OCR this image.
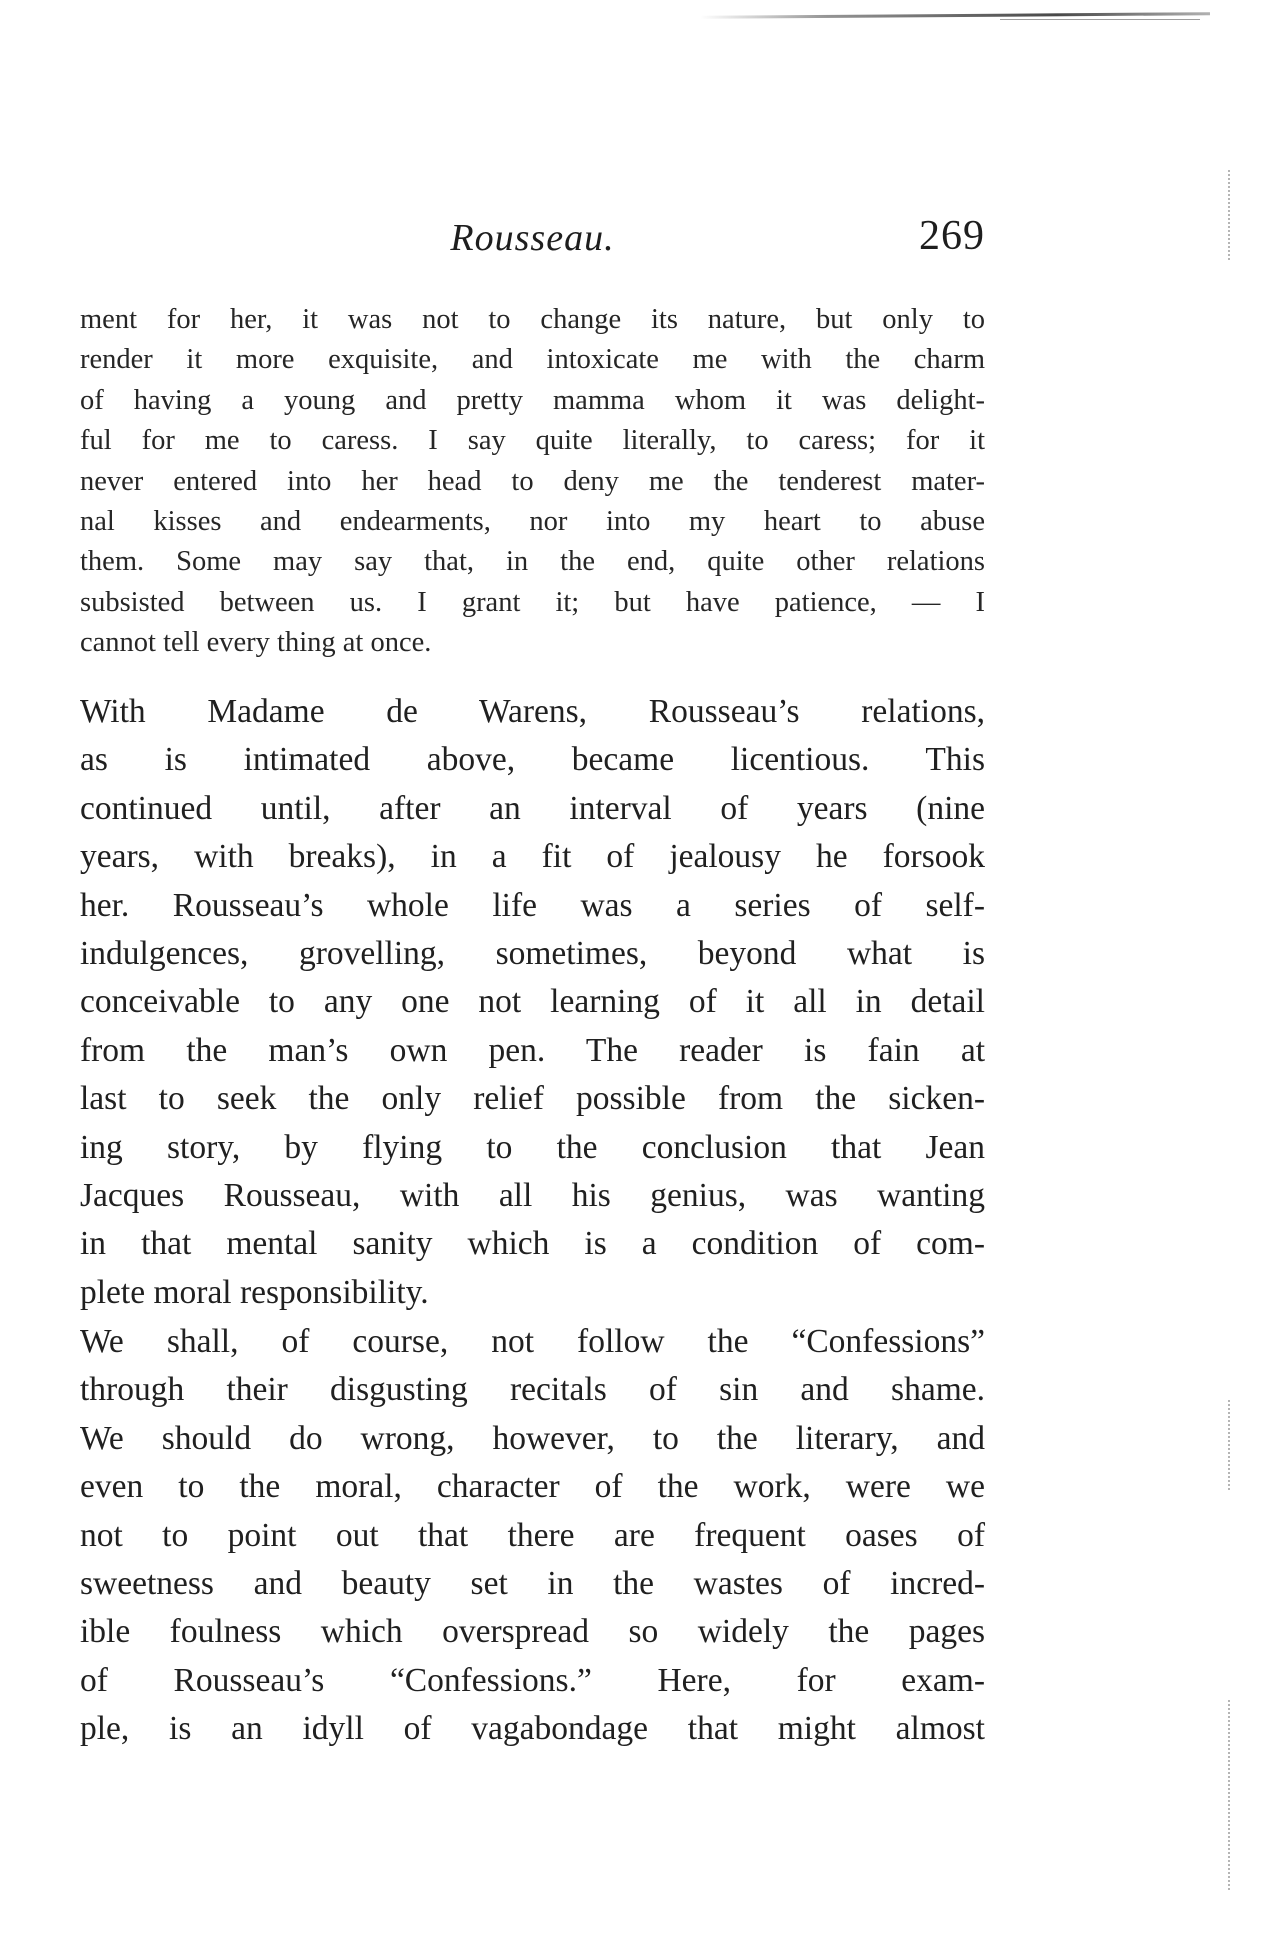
Rousseau.	269
ment for her, it was not to change its nature, but only to
render it more exquisite, and intoxicate me with the charm
of having a young and pretty mamma whom it was delight-
ful for me to caress. I say quite literally, to caress; for it
never entered into her head to deny me the tenderest mater-
nal kisses and endearments, nor into my heart to abuse
them. Some may say that, in the end, quite other relations
subsisted between us. I grant it; but have patience, — I
cannot tell every thing at once.
With Madame de Warens, Rousseau’s relations,
as is intimated above, became licentious. This
continued until, after an interval of years (nine
years, with breaks), in a fit of jealousy he forsook
her. Rousseau’s whole life was a series of self-
indulgences, grovelling, sometimes, beyond what is
conceivable to any one not learning of it all in detail
from the man’s own pen. The reader is fain at
last to seek the only relief possible from the sicken-
ing story, by flying to the conclusion that Jean
Jacques Rousseau, with all his genius, was wanting
in that mental sanity which is a condition of com-
plete moral responsibility.
We shall, of course, not follow the “Confessions”
through their disgusting recitals of sin and shame.
We should do wrong, however, to the literary, and
even to the moral, character of the work, were we
not to point out that there are frequent oases of
sweetness and beauty set in the wastes of incred-
ible foulness which overspread so widely the pages
of Rousseau’s “Confessions.” Here, for exam-
ple, is an idyll of vagabondage that might almost
